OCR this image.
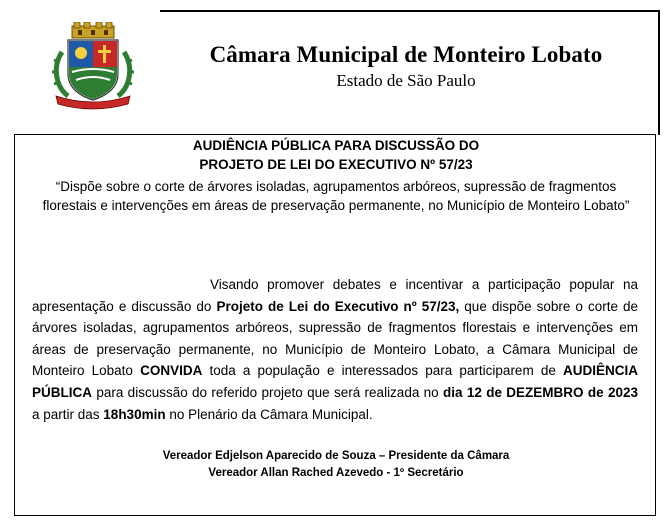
Câmara Municipal de Monteiro Lobato
Estado de São Paulo
AUDIÊNCIA PÚBLICA PARA DISCUSSÃO DO
PROJETO DE LEI DO EXECUTIVO Nº 57/23
“Dispõe sobre o corte de árvores isoladas, agrupamentos arbóreos, supressão de fragmentos florestais e intervenções em áreas de preservação permanente, no Município de Monteiro Lobato”

Visando promover debates e incentivar a participação popular na apresentação e discussão do Projeto de Lei do Executivo nº 57/23, que dispõe sobre o corte de árvores isoladas, agrupamentos arbóreos, supressão de fragmentos florestais e intervenções em áreas de preservação permanente, no Município de Monteiro Lobato, a Câmara Municipal de Monteiro Lobato CONVIDA toda a população e interessados para participarem de AUDIÊNCIA PÚBLICA para discussão do referido projeto que será realizada no dia 12 de DEZEMBRO de 2023 a partir das 18h30min no Plenário da Câmara Municipal.

Vereador Edjelson Aparecido de Souza – Presidente da Câmara
Vereador Allan Rached Azevedo - 1º Secretário
